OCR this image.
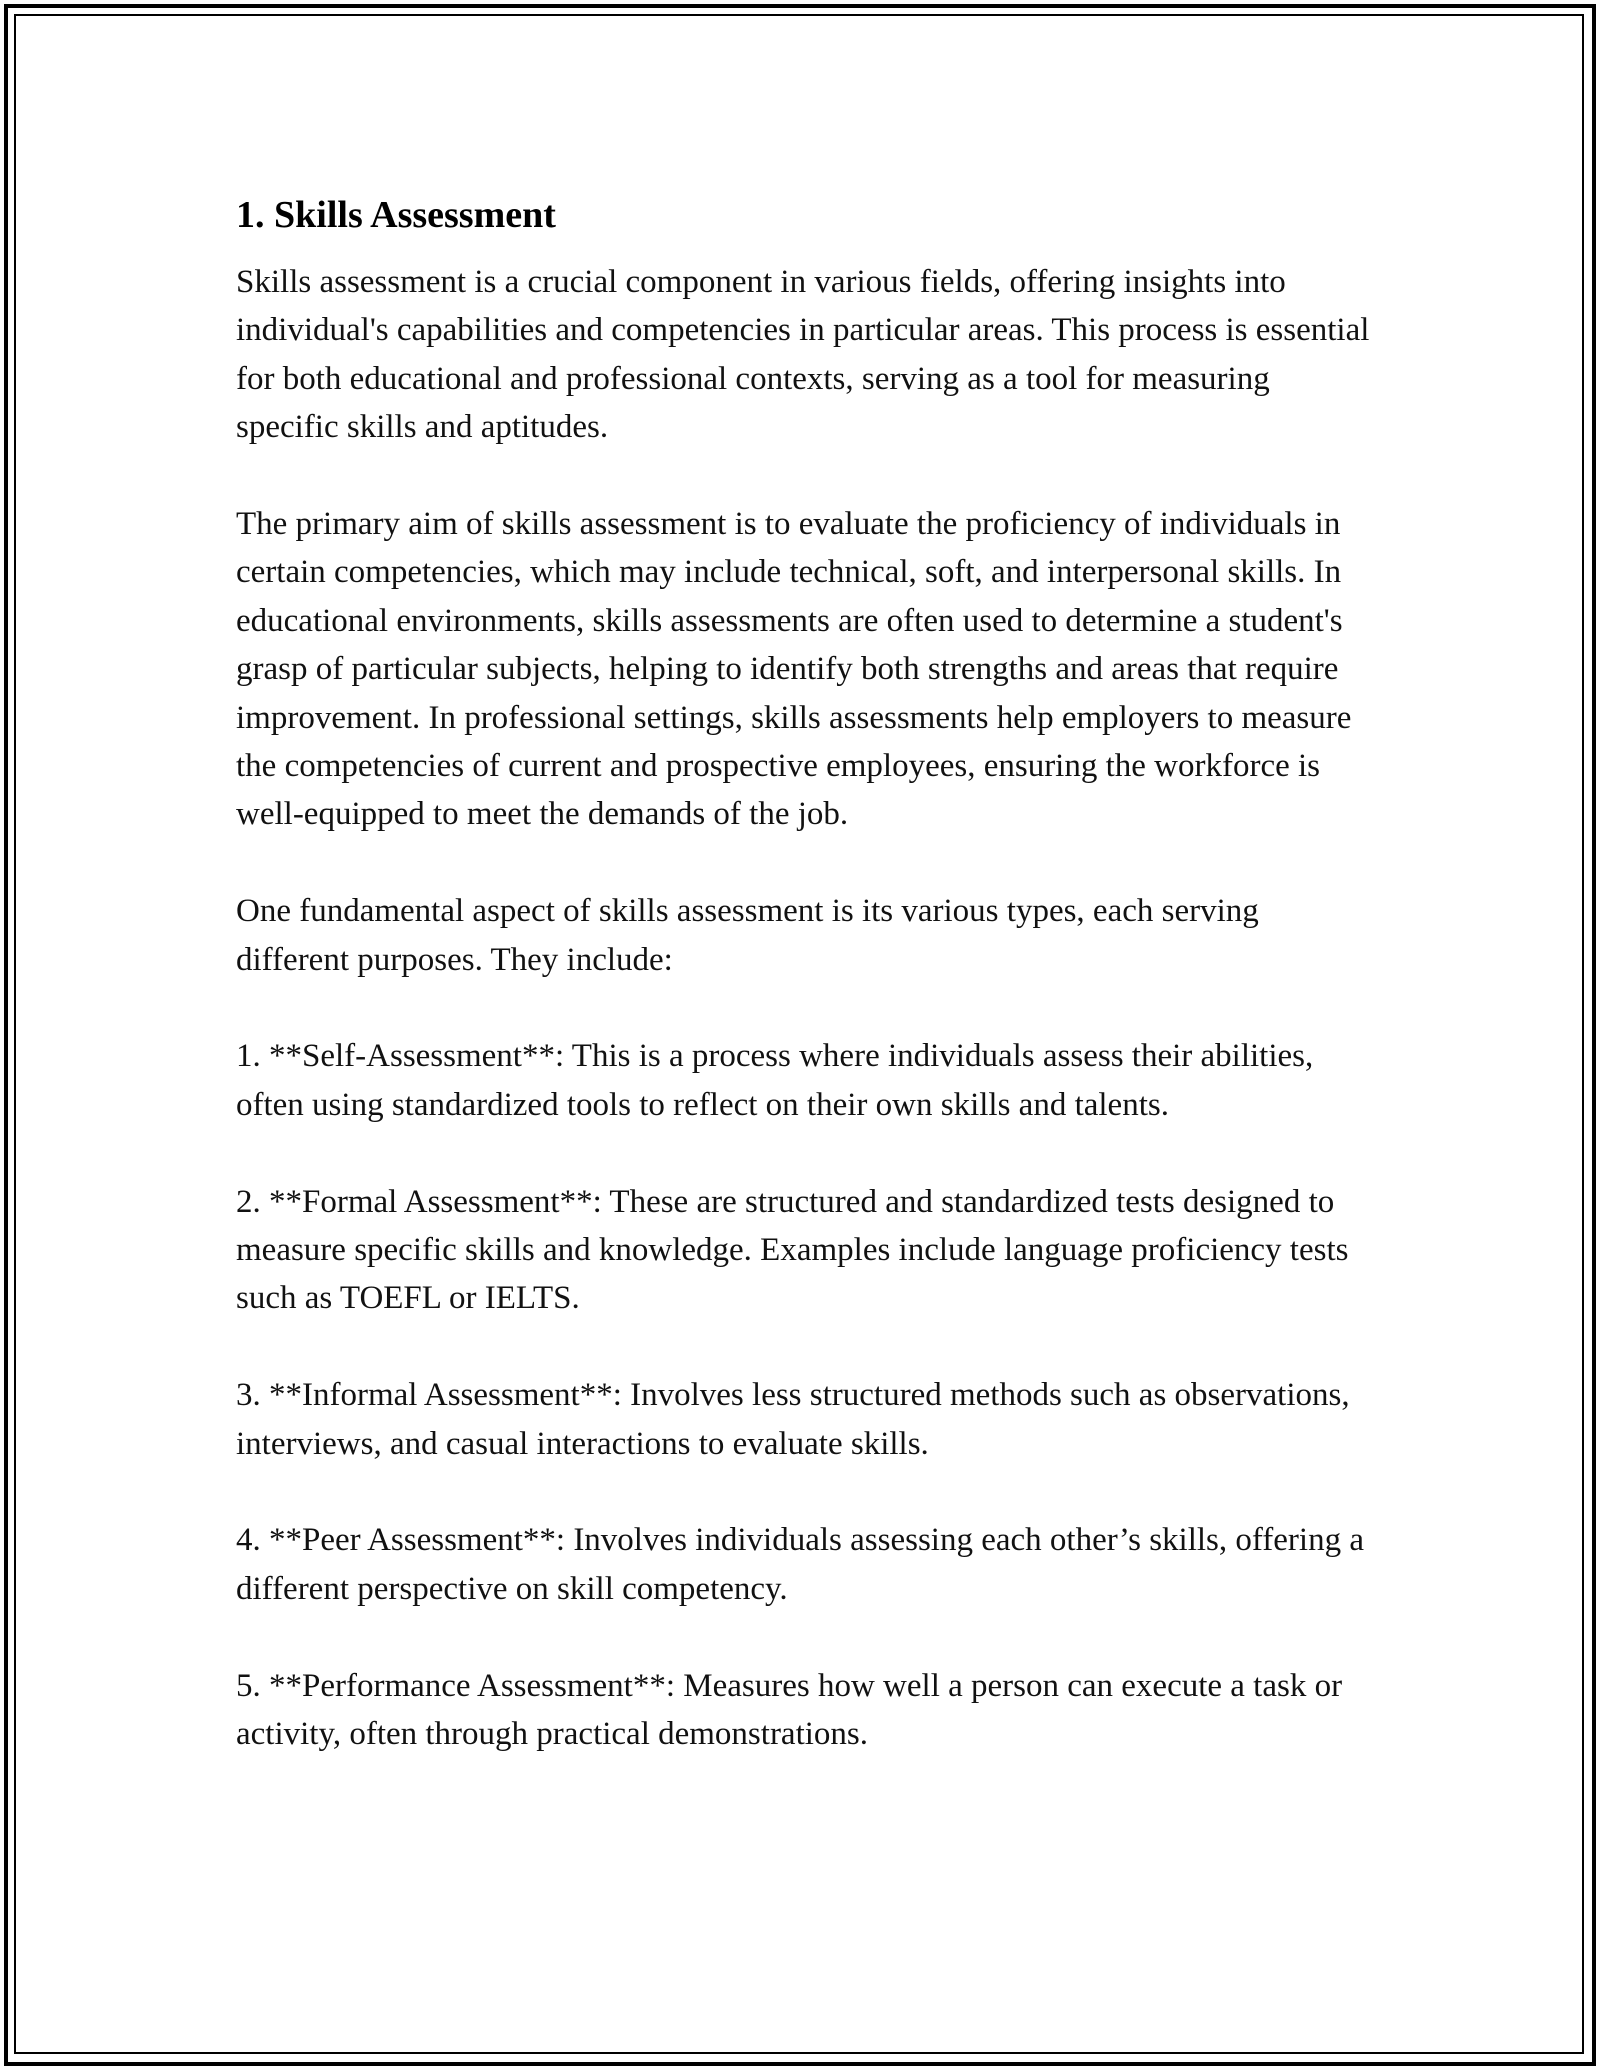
1. Skills Assessment

Skills assessment is a crucial component in various fields, offering insights into individual's capabilities and competencies in particular areas. This process is essential for both educational and professional contexts, serving as a tool for measuring specific skills and aptitudes.

The primary aim of skills assessment is to evaluate the proficiency of individuals in certain competencies, which may include technical, soft, and interpersonal skills. In educational environments, skills assessments are often used to determine a student's grasp of particular subjects, helping to identify both strengths and areas that require improvement. In professional settings, skills assessments help employers to measure the competencies of current and prospective employees, ensuring the workforce is well-equipped to meet the demands of the job.

One fundamental aspect of skills assessment is its various types, each serving different purposes. They include:

1. **Self-Assessment**: This is a process where individuals assess their abilities, often using standardized tools to reflect on their own skills and talents.

2. **Formal Assessment**: These are structured and standardized tests designed to measure specific skills and knowledge. Examples include language proficiency tests such as TOEFL or IELTS.

3. **Informal Assessment**: Involves less structured methods such as observations, interviews, and casual interactions to evaluate skills.

4. **Peer Assessment**: Involves individuals assessing each other’s skills, offering a different perspective on skill competency.

5. **Performance Assessment**: Measures how well a person can execute a task or activity, often through practical demonstrations.
